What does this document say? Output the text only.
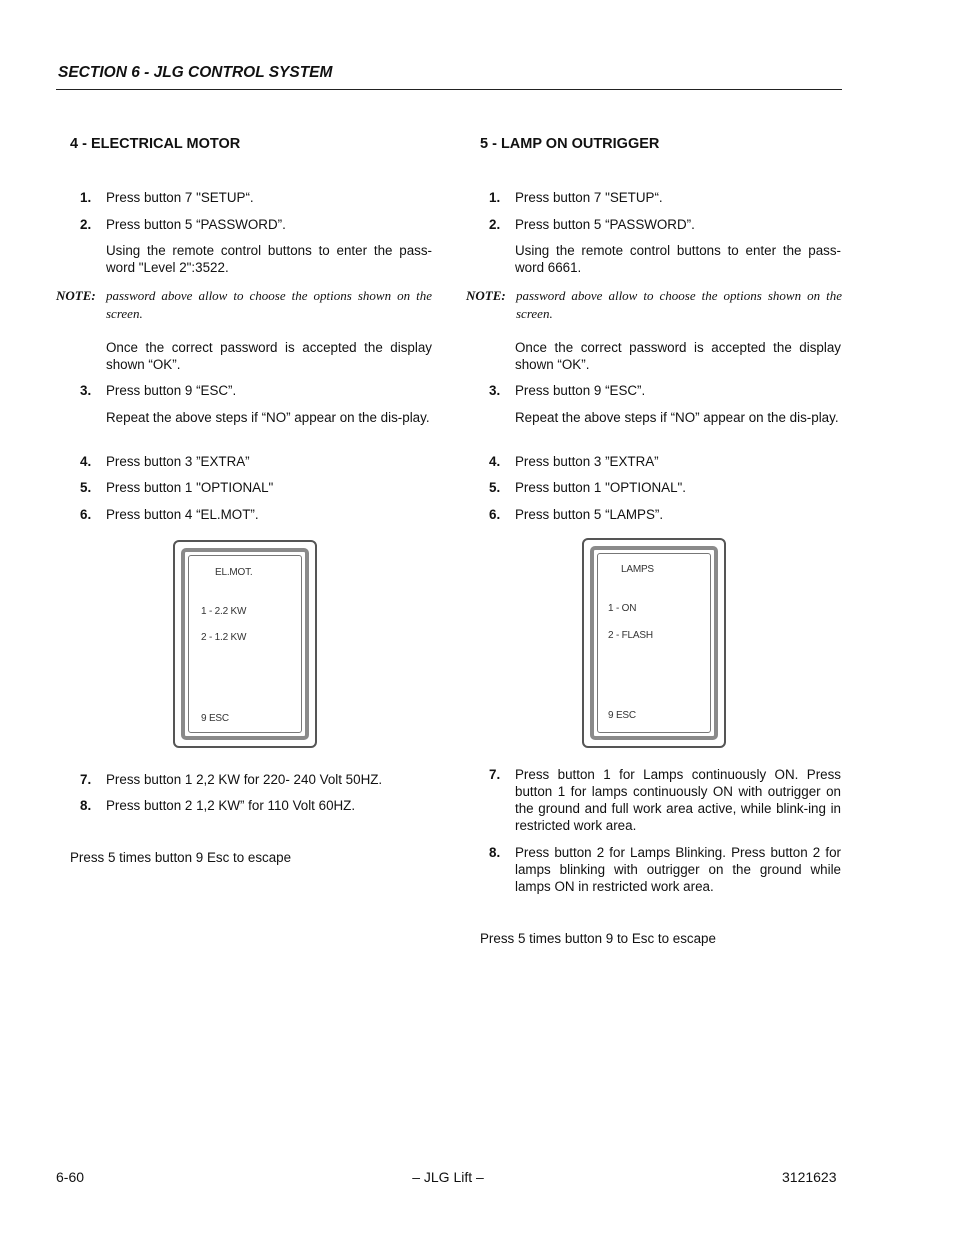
SECTION 6 - JLG CONTROL SYSTEM
4 - ELECTRICAL MOTOR
1. Press button 7 "SETUP“.
2. Press button 5 “PASSWORD”.
Using the remote control buttons to enter the pass-word "Level 2":3522.
NOTE: password above allow to choose the options shown on the screen.
Once the correct password is accepted the display shown “OK”.
3. Press button 9 “ESC”.
Repeat the above steps if “NO” appear on the dis-play.
4. Press button 3 ”EXTRA”
5. Press button 1 "OPTIONAL"
6. Press button 4 “EL.MOT”.
EL.MOT.
1 - 2.2 KW
2 - 1.2 KW
9 ESC
7. Press button 1 2,2 KW for 220- 240 Volt 50HZ.
8. Press button 2 1,2 KW” for 110 Volt 60HZ.
Press 5 times button 9 Esc to escape
5 - LAMP ON OUTRIGGER
1. Press button 7 "SETUP“.
2. Press button 5 “PASSWORD”.
Using the remote control buttons to enter the pass-word 6661.
NOTE: password above allow to choose the options shown on the screen.
Once the correct password is accepted the display shown “OK”.
3. Press button 9 “ESC”.
Repeat the above steps if “NO” appear on the dis-play.
4. Press button 3 ”EXTRA”
5. Press button 1 "OPTIONAL".
6. Press button 5 “LAMPS”.
LAMPS
1 - ON
2 - FLASH
9 ESC
7. Press button 1 for Lamps continuously ON. Press button 1 for lamps continuously ON with outrigger on the ground and full work area active, while blink-ing in restricted work area.
8. Press button 2 for Lamps Blinking. Press button 2 for lamps blinking with outrigger on the ground while lamps ON in restricted work area.
Press 5 times button 9 to Esc to escape
6-60	– JLG Lift –	3121623
